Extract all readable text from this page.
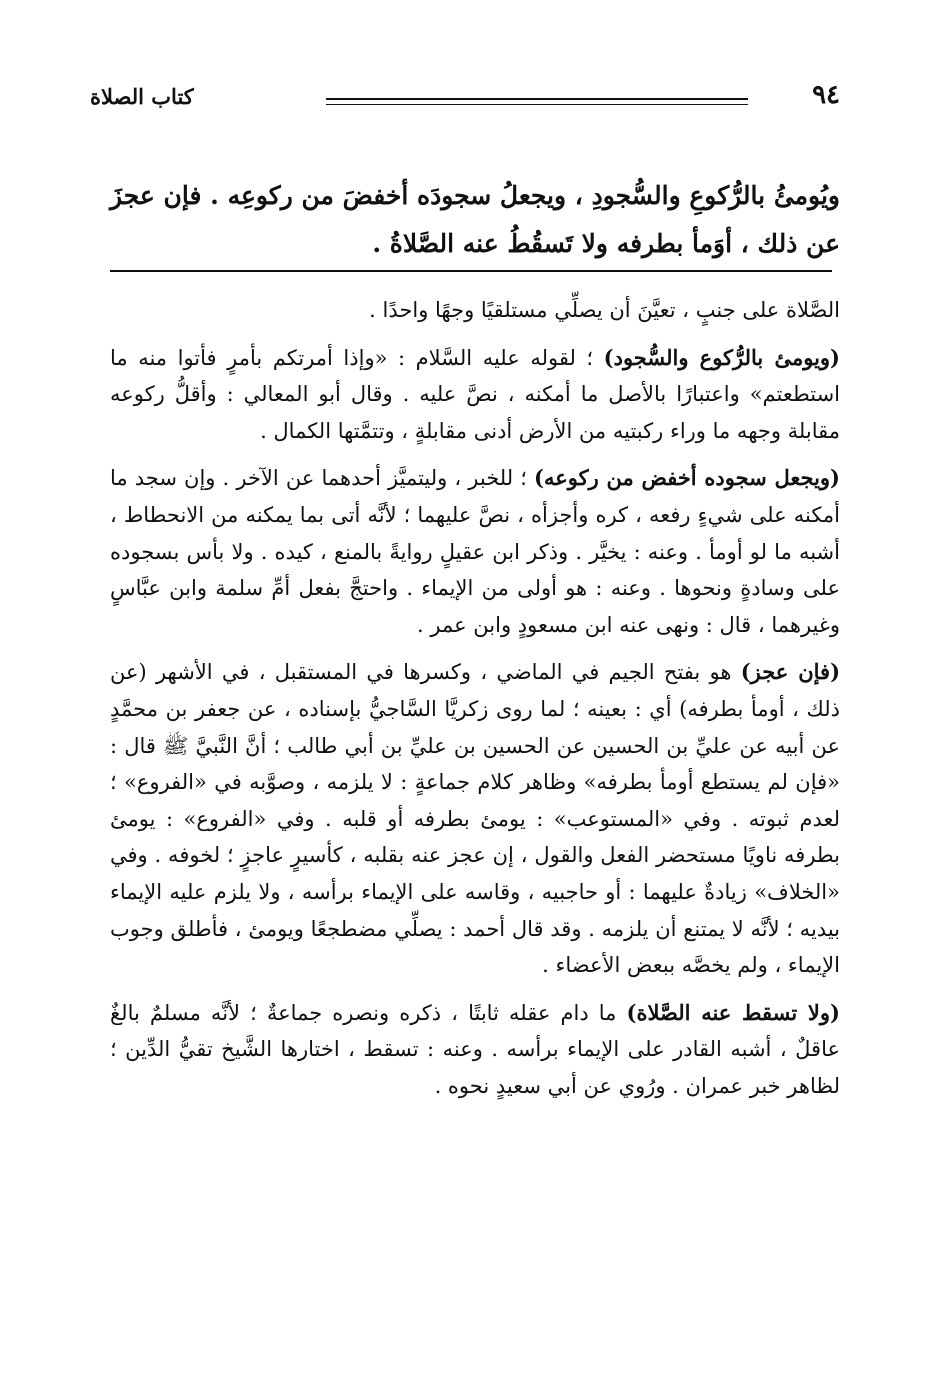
كتاب الصلاة	٩٤

ويُومئُ بالرُّكوعِ والسُّجودِ ، ويجعلُ سجودَه أخفضَ من ركوعِه . فإن عجزَ عن ذلك ، أوَمأ بطرفه ولا تَسقُطُ عنه الصَّلاةُ .

الصَّلاة على جنبٍ ، تعيَّنَ أن يصلِّي مستلقيًا وجهًا واحدًا .

(ويومئ بالرُّكوع والسُّجود) ؛ لقوله عليه السَّلام : «وإذا أمرتكم بأمرٍ فأتوا منه ما استطعتم» واعتبارًا بالأصل ما أمكنه ، نصَّ عليه . وقال أبو المعالي : وأقلُّ ركوعه مقابلة وجهه ما وراء ركبتيه من الأرض أدنى مقابلةٍ ، وتتمَّتها الكمال .

(ويجعل سجوده أخفض من ركوعه) ؛ للخبر ، وليتميَّز أحدهما عن الآخر . وإن سجد ما أمكنه على شيءٍ رفعه ، كره وأجزأه ، نصَّ عليهما ؛ لأنَّه أتى بما يمكنه من الانحطاط ، أشبه ما لو أومأ . وعنه : يخيَّر . وذكر ابن عقيلٍ روايةً بالمنع ، كيده . ولا بأس بسجوده على وسادةٍ ونحوها . وعنه : هو أولى من الإيماء . واحتجَّ بفعل أمِّ سلمة وابن عبَّاسٍ وغيرهما ، قال : ونهى عنه ابن مسعودٍ وابن عمر .

(فإن عجز) هو بفتح الجيم في الماضي ، وكسرها في المستقبل ، في الأشهر (عن ذلك ، أومأ بطرفه) أي : بعينه ؛ لما روى زكريَّا السَّاجيُّ بإسناده ، عن جعفر بن محمَّدٍ عن أبيه عن عليِّ بن الحسين عن الحسين بن عليِّ بن أبي طالب ؛ أنَّ النَّبيَّ ﷺ قال : «فإن لم يستطع أومأ بطرفه» وظاهر كلام جماعةٍ : لا يلزمه ، وصوَّبه في «الفروع» ؛ لعدم ثبوته . وفي «المستوعب» : يومئ بطرفه أو قلبه . وفي «الفروع» : يومئ بطرفه ناويًا مستحضر الفعل والقول ، إن عجز عنه بقلبه ، كأسيرٍ عاجزٍ ؛ لخوفه . وفي «الخلاف» زيادةٌ عليهما : أو حاجبيه ، وقاسه على الإيماء برأسه ، ولا يلزم عليه الإيماء بيديه ؛ لأنَّه لا يمتنع أن يلزمه . وقد قال أحمد : يصلِّي مضطجعًا ويومئ ، فأطلق وجوب الإيماء ، ولم يخصَّه ببعض الأعضاء .

(ولا تسقط عنه الصَّلاة) ما دام عقله ثابتًا ، ذكره ونصره جماعةٌ ؛ لأنَّه مسلمٌ بالغٌ عاقلٌ ، أشبه القادر على الإيماء برأسه . وعنه : تسقط ، اختارها الشَّيخ تقيُّ الدِّين ؛ لظاهر خبر عمران . ورُوي عن أبي سعيدٍ نحوه .
